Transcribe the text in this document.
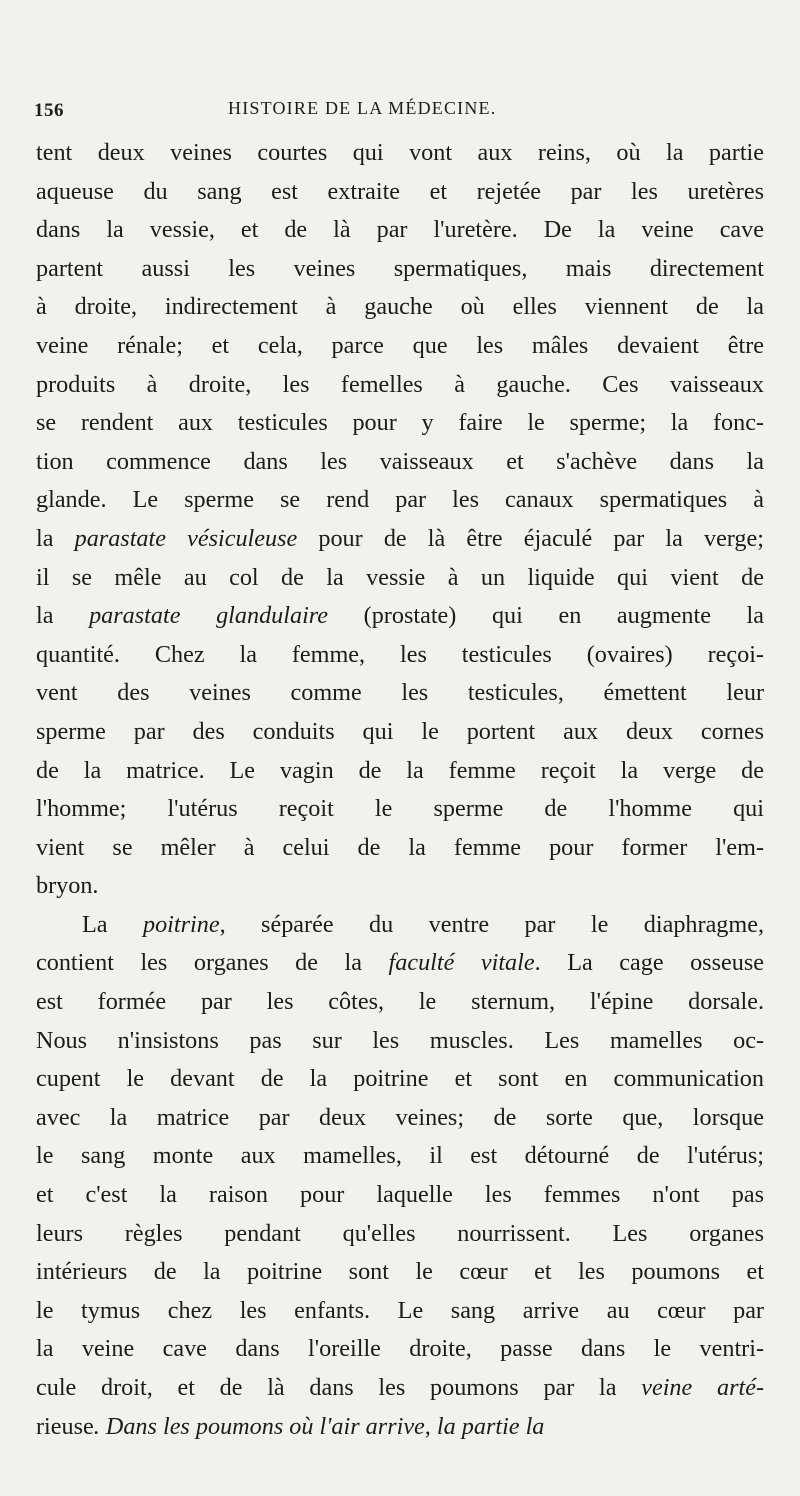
156	HISTOIRE DE LA MÉDECINE.
tent deux veines courtes qui vont aux reins, où la partie
aqueuse du sang est extraite et rejetée par les uretères
dans la vessie, et de là par l'uretère. De la veine cave
partent aussi les veines spermatiques, mais directement
à droite, indirectement à gauche où elles viennent de la
veine rénale; et cela, parce que les mâles devaient être
produits à droite, les femelles à gauche. Ces vaisseaux
se rendent aux testicules pour y faire le sperme; la fonc-
tion commence dans les vaisseaux et s'achève dans la
glande. Le sperme se rend par les canaux spermatiques à
la parastate vésiculeuse pour de là être éjaculé par la verge;
il se mêle au col de la vessie à un liquide qui vient de
la parastate glandulaire (prostate) qui en augmente la
quantité. Chez la femme, les testicules (ovaires) reçoi-
vent des veines comme les testicules, émettent leur
sperme par des conduits qui le portent aux deux cornes
de la matrice. Le vagin de la femme reçoit la verge de
l'homme; l'utérus reçoit le sperme de l'homme qui
vient se mêler à celui de la femme pour former l'em-
bryon.
La poitrine, séparée du ventre par le diaphragme,
contient les organes de la faculté vitale. La cage osseuse
est formée par les côtes, le sternum, l'épine dorsale.
Nous n'insistons pas sur les muscles. Les mamelles oc-
cupent le devant de la poitrine et sont en communication
avec la matrice par deux veines; de sorte que, lorsque
le sang monte aux mamelles, il est détourné de l'utérus;
et c'est la raison pour laquelle les femmes n'ont pas
leurs règles pendant qu'elles nourrissent. Les organes
intérieurs de la poitrine sont le cœur et les poumons et
le tymus chez les enfants. Le sang arrive au cœur par
la veine cave dans l'oreille droite, passe dans le ventri-
cule droit, et de là dans les poumons par la veine arté-
rieuse. Dans les poumons où l'air arrive, la partie la
